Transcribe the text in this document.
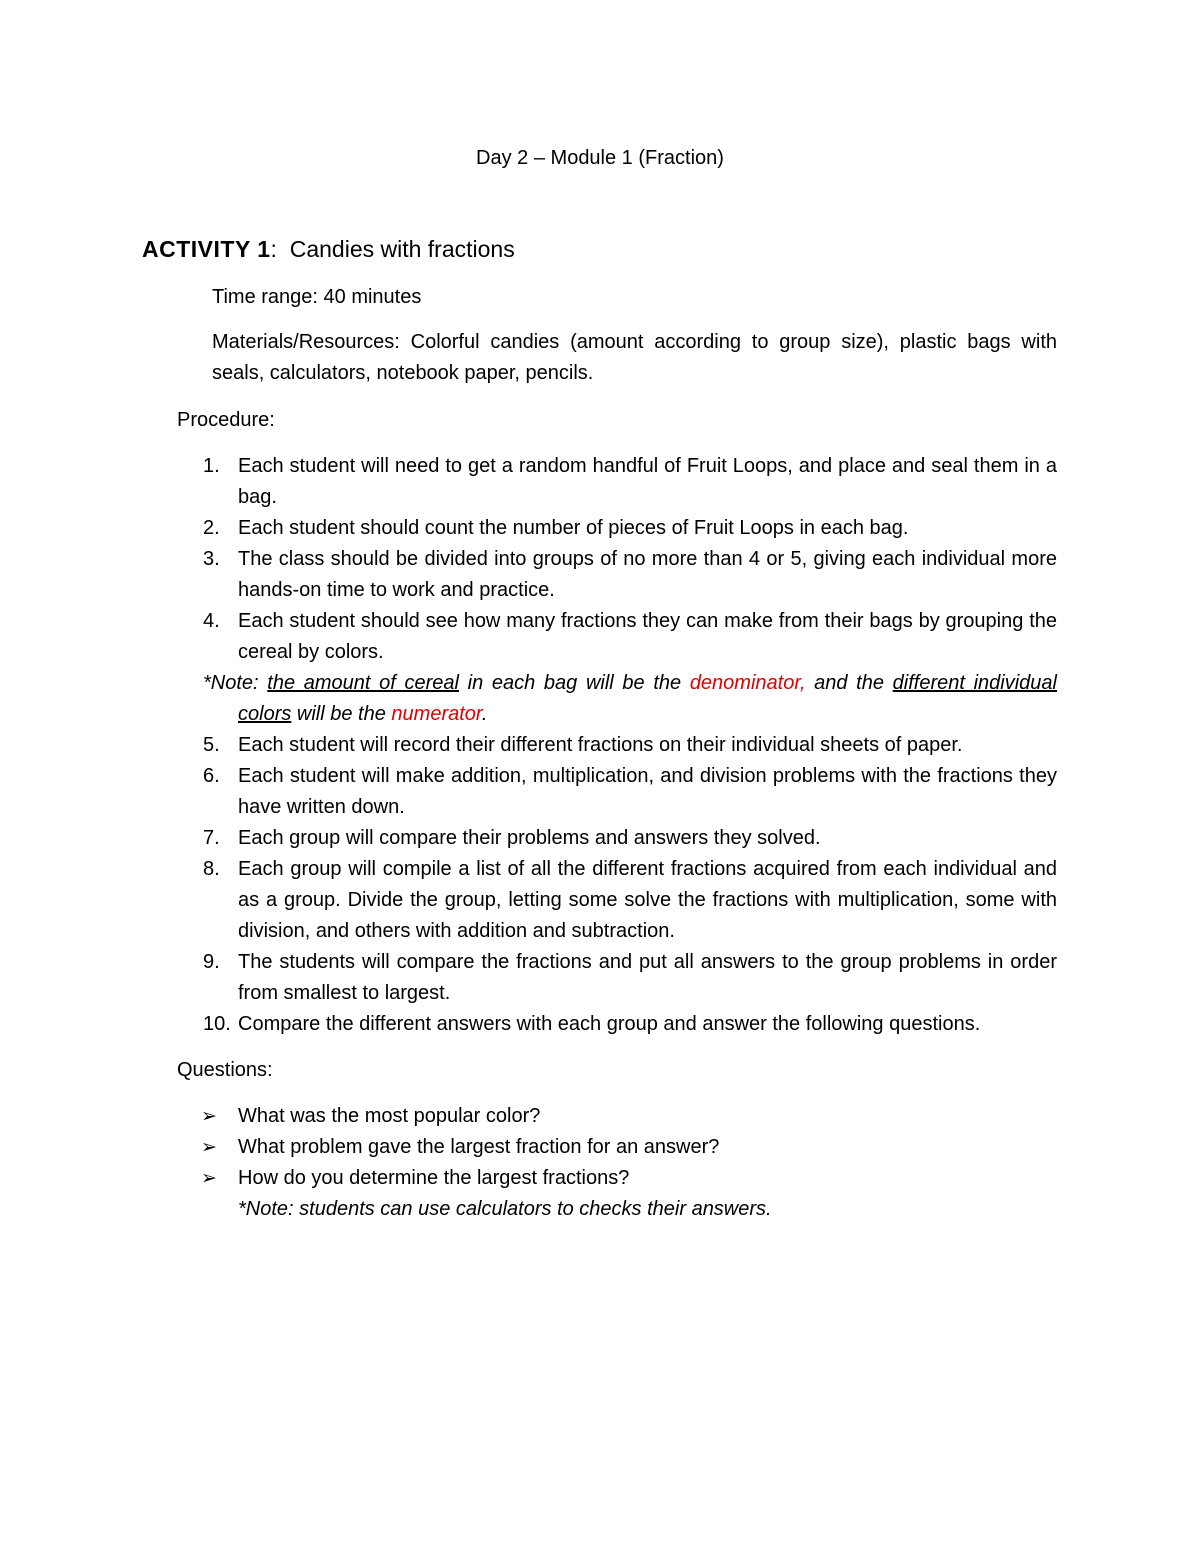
Day 2 – Module 1 (Fraction)
ACTIVITY 1: Candies with fractions
Time range: 40 minutes
Materials/Resources: Colorful candies (amount according to group size), plastic bags with seals, calculators, notebook paper, pencils.
Procedure:
1. Each student will need to get a random handful of Fruit Loops, and place and seal them in a bag.
2. Each student should count the number of pieces of Fruit Loops in each bag.
3. The class should be divided into groups of no more than 4 or 5, giving each individual more hands-on time to work and practice.
4. Each student should see how many fractions they can make from their bags by grouping the cereal by colors.
*Note: the amount of cereal in each bag will be the denominator, and the different individual colors will be the numerator.
5. Each student will record their different fractions on their individual sheets of paper.
6. Each student will make addition, multiplication, and division problems with the fractions they have written down.
7. Each group will compare their problems and answers they solved.
8. Each group will compile a list of all the different fractions acquired from each individual and as a group. Divide the group, letting some solve the fractions with multiplication, some with division, and others with addition and subtraction.
9. The students will compare the fractions and put all answers to the group problems in order from smallest to largest.
10. Compare the different answers with each group and answer the following questions.
Questions:
➢ What was the most popular color?
➢ What problem gave the largest fraction for an answer?
➢ How do you determine the largest fractions?
*Note: students can use calculators to checks their answers.
